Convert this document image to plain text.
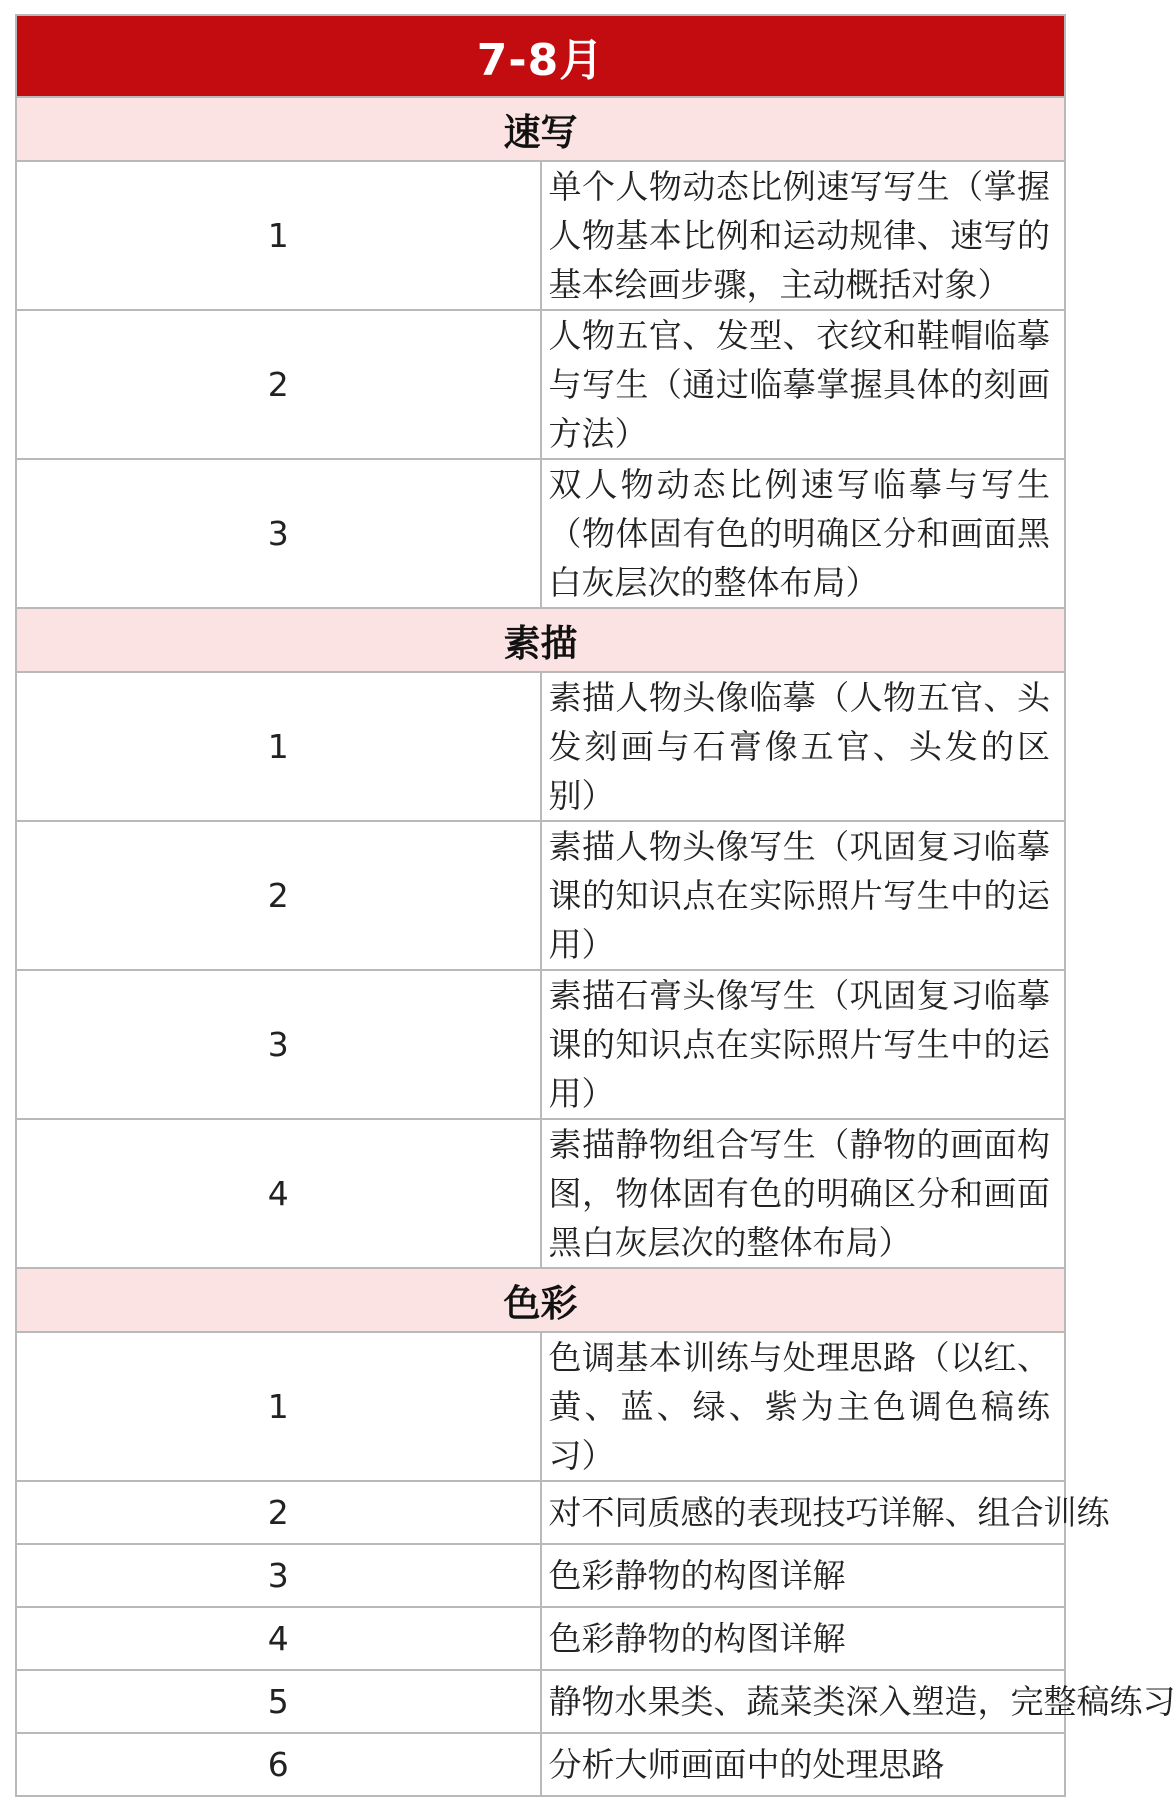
7-8月	
速写	
1	单个人物动态比例速写写生（掌握人物基本比例和运动规律、速写的基本绘画步骤，主动概括对象）
2	人物五官、发型、衣纹和鞋帽临摹与写生（通过临摹掌握具体的刻画方法）
3	双人物动态比例速写临摹与写生（物体固有色的明确区分和画面黑白灰层次的整体布局）
素描	
1	素描人物头像临摹（人物五官、头发刻画与石膏像五官、头发的区别）
2	素描人物头像写生（巩固复习临摹课的知识点在实际照片写生中的运用）
3	素描石膏头像写生（巩固复习临摹课的知识点在实际照片写生中的运用）
4	素描静物组合写生（静物的画面构图，物体固有色的明确区分和画面黑白灰层次的整体布局）
色彩	
1	色调基本训练与处理思路（以红、黄、蓝、绿、紫为主色调色稿练习）
2	对不同质感的表现技巧详解、组合训练
3	色彩静物的构图详解
4	色彩静物的构图详解
5	静物水果类、蔬菜类深入塑造，完整稿练习
6	分析大师画面中的处理思路
